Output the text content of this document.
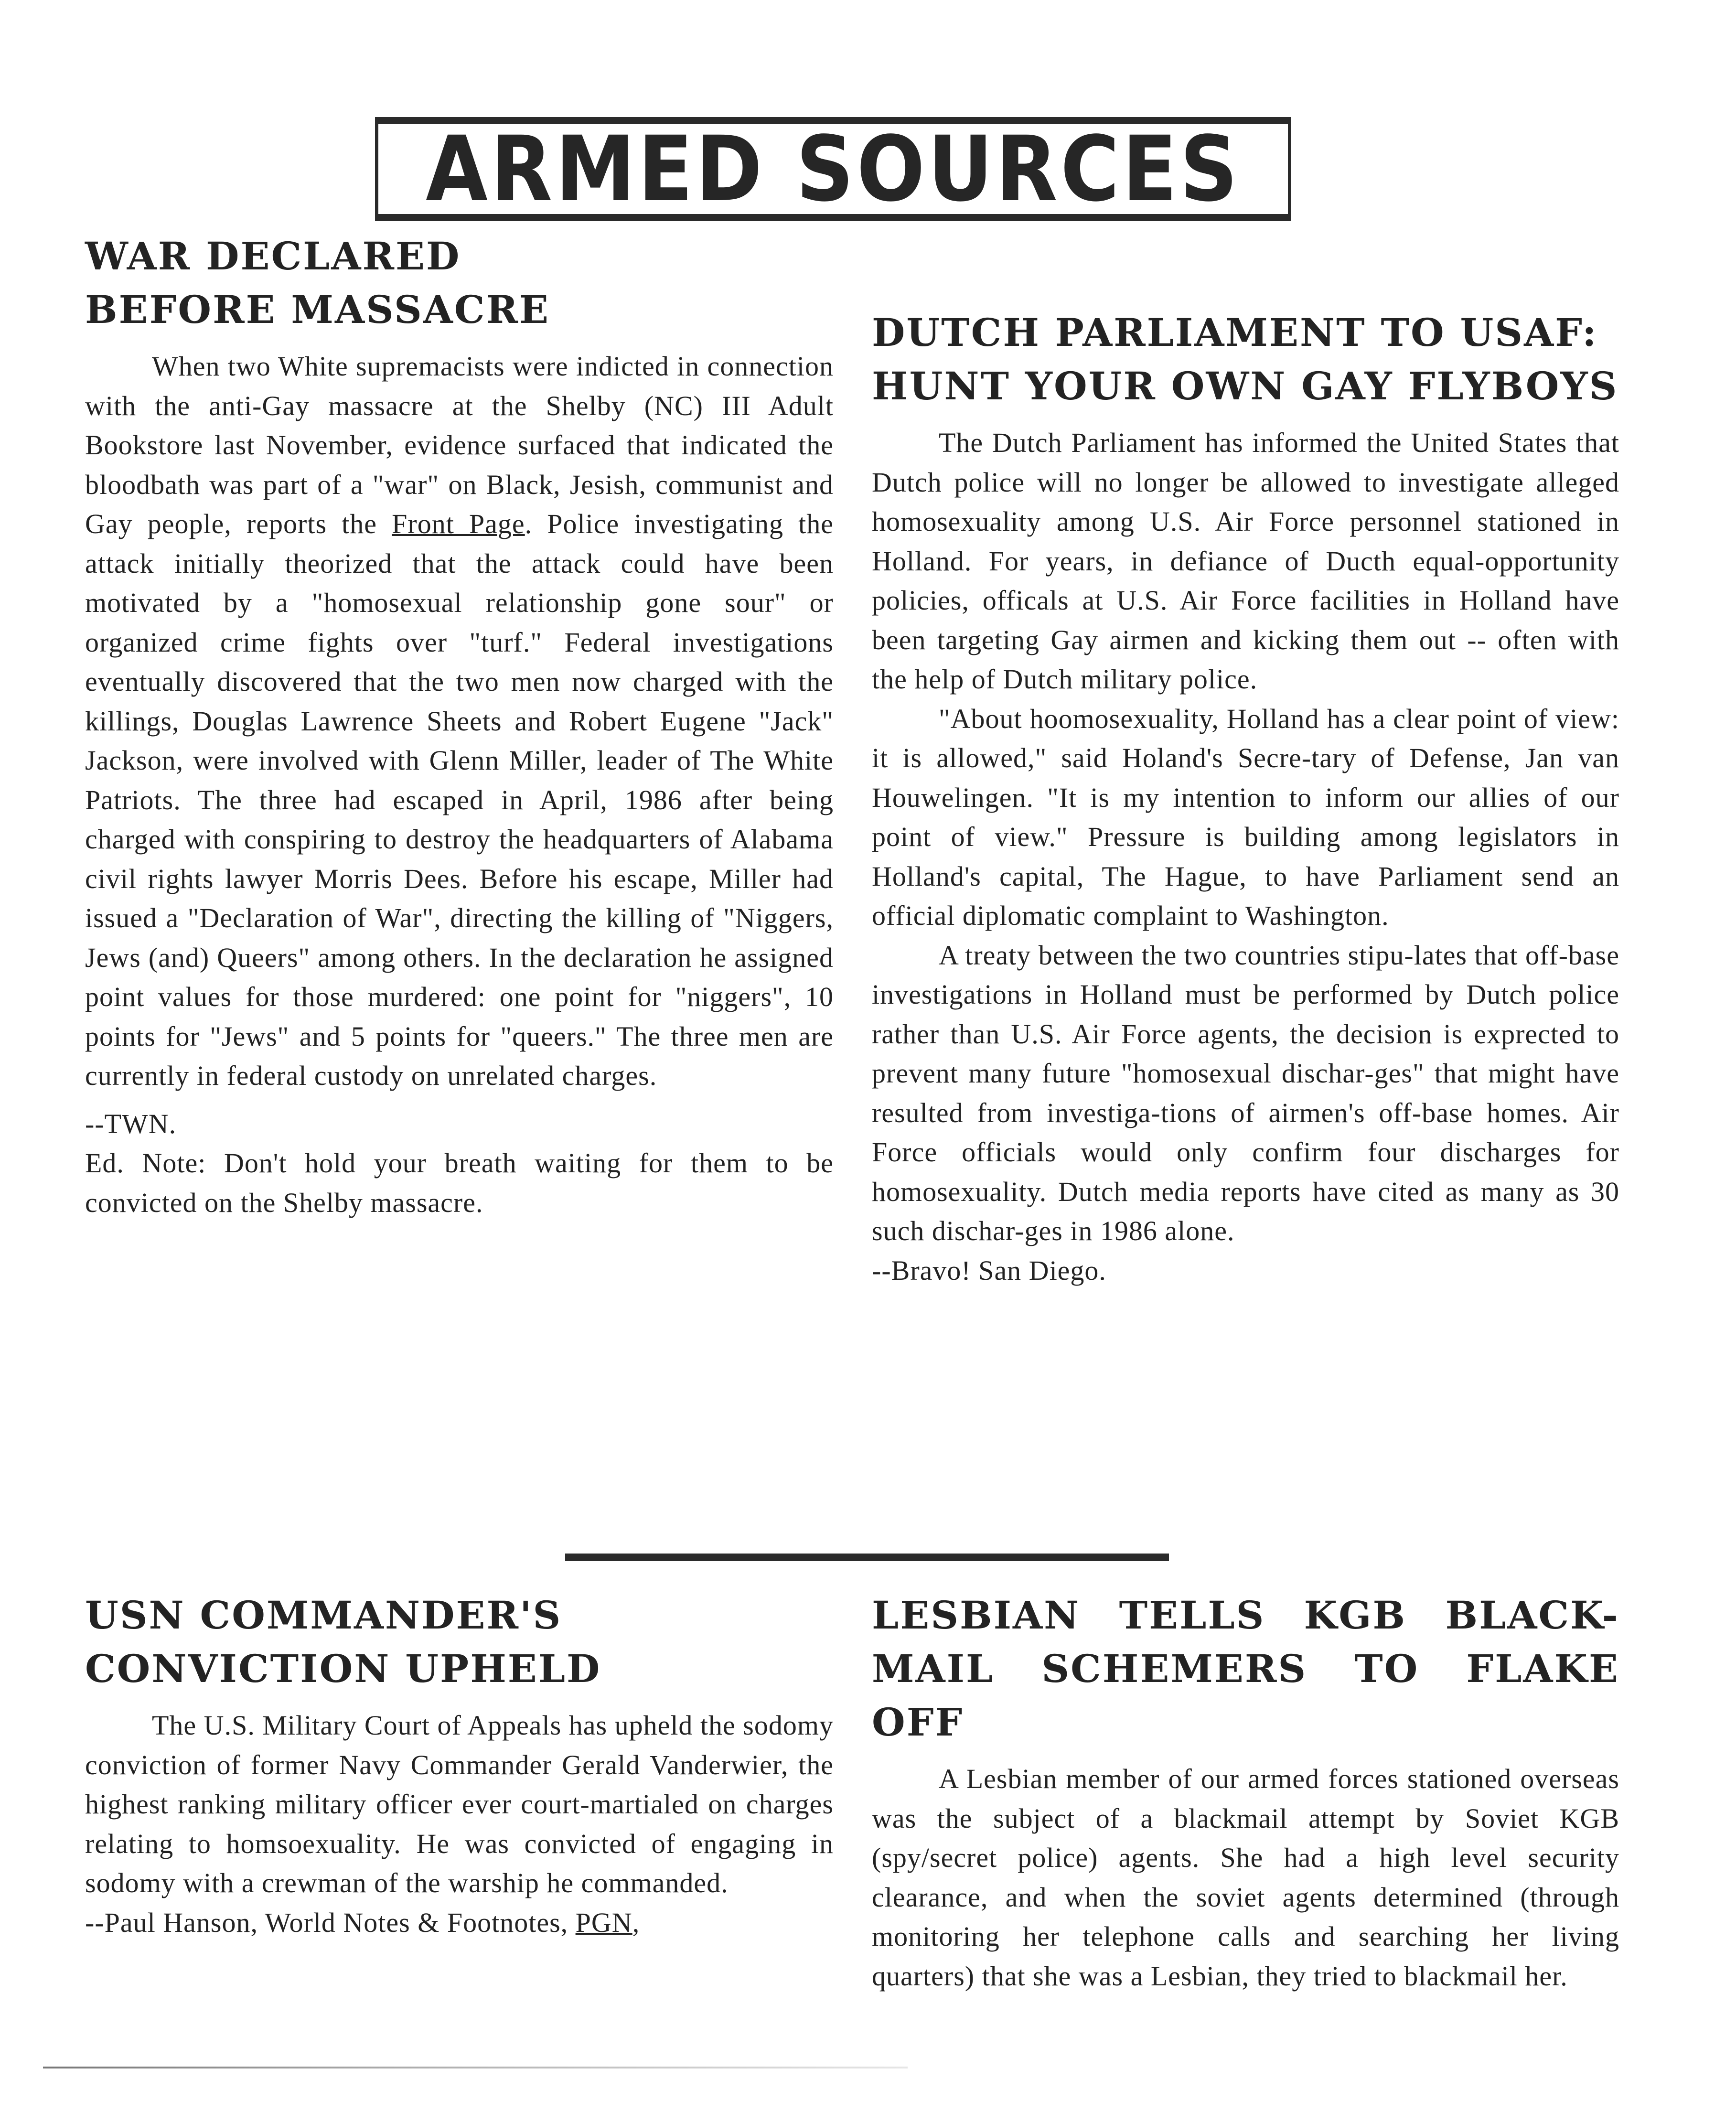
ARMED SOURCES
WAR DECLARED
BEFORE MASSACRE

When two White supremacists were indicted in connection with the anti-Gay massacre at the Shelby (NC) III Adult Bookstore last November, evidence surfaced that indicated the bloodbath was part of a "war" on Black, Jesish, communist and Gay people, reports the Front Page. Police investigating the attack initially theorized that the attack could have been motivated by a "homosexual relationship gone sour" or organized crime fights over "turf." Federal investigations eventually discovered that the two men now charged with the killings, Douglas Lawrence Sheets and Robert Eugene "Jack" Jackson, were involved with Glenn Miller, leader of The White Patriots. The three had escaped in April, 1986 after being charged with conspiring to destroy the headquarters of Alabama civil rights lawyer Morris Dees. Before his escape, Miller had issued a "Declaration of War", directing the killing of "Niggers, Jews (and) Queers" among others. In the declaration he assigned point values for those murdered: one point for "niggers", 10 points for "Jews" and 5 points for "queers." The three men are currently in federal custody on unrelated charges.

--TWN.

Ed. Note: Don't hold your breath waiting for them to be convicted on the Shelby massacre.

DUTCH PARLIAMENT TO USAF:
HUNT YOUR OWN GAY FLYBOYS

The Dutch Parliament has informed the United States that Dutch police will no longer be allowed to investigate alleged homosexuality among U.S. Air Force personnel stationed in Holland. For years, in defiance of Ducth equal-opportunity policies, officals at U.S. Air Force facilities in Holland have been targeting Gay airmen and kicking them out -- often with the help of Dutch military police.

"About hoomosexuality, Holland has a clear point of view: it is allowed," said Holand's Secre-tary of Defense, Jan van Houwelingen. "It is my intention to inform our allies of our point of view." Pressure is building among legislators in Holland's capital, The Hague, to have Parliament send an official diplomatic complaint to Washington.

A treaty between the two countries stipu-lates that off-base investigations in Holland must be performed by Dutch police rather than U.S. Air Force agents, the decision is exprected to prevent many future "homosexual dischar-ges" that might have resulted from investiga-tions of airmen's off-base homes. Air Force officials would only confirm four discharges for homosexuality. Dutch media reports have cited as many as 30 such dischar-ges in 1986 alone.

--Bravo! San Diego.

USN COMMANDER'S
CONVICTION UPHELD

The U.S. Military Court of Appeals has upheld the sodomy conviction of former Navy Commander Gerald Vanderwier, the highest ranking military officer ever court-martialed on charges relating to homsoexuality. He was convicted of engaging in sodomy with a crewman of the warship he commanded.

--Paul Hanson, World Notes & Footnotes, PGN,

LESBIAN TELLS KGB BLACK-
MAIL SCHEMERS TO FLAKE OFF

A Lesbian member of our armed forces stationed overseas was the subject of a blackmail attempt by Soviet KGB (spy/secret police) agents. She had a high level security clearance, and when the soviet agents determined (through monitoring her telephone calls and searching her living quarters) that she was a Lesbian, they tried to blackmail her.
